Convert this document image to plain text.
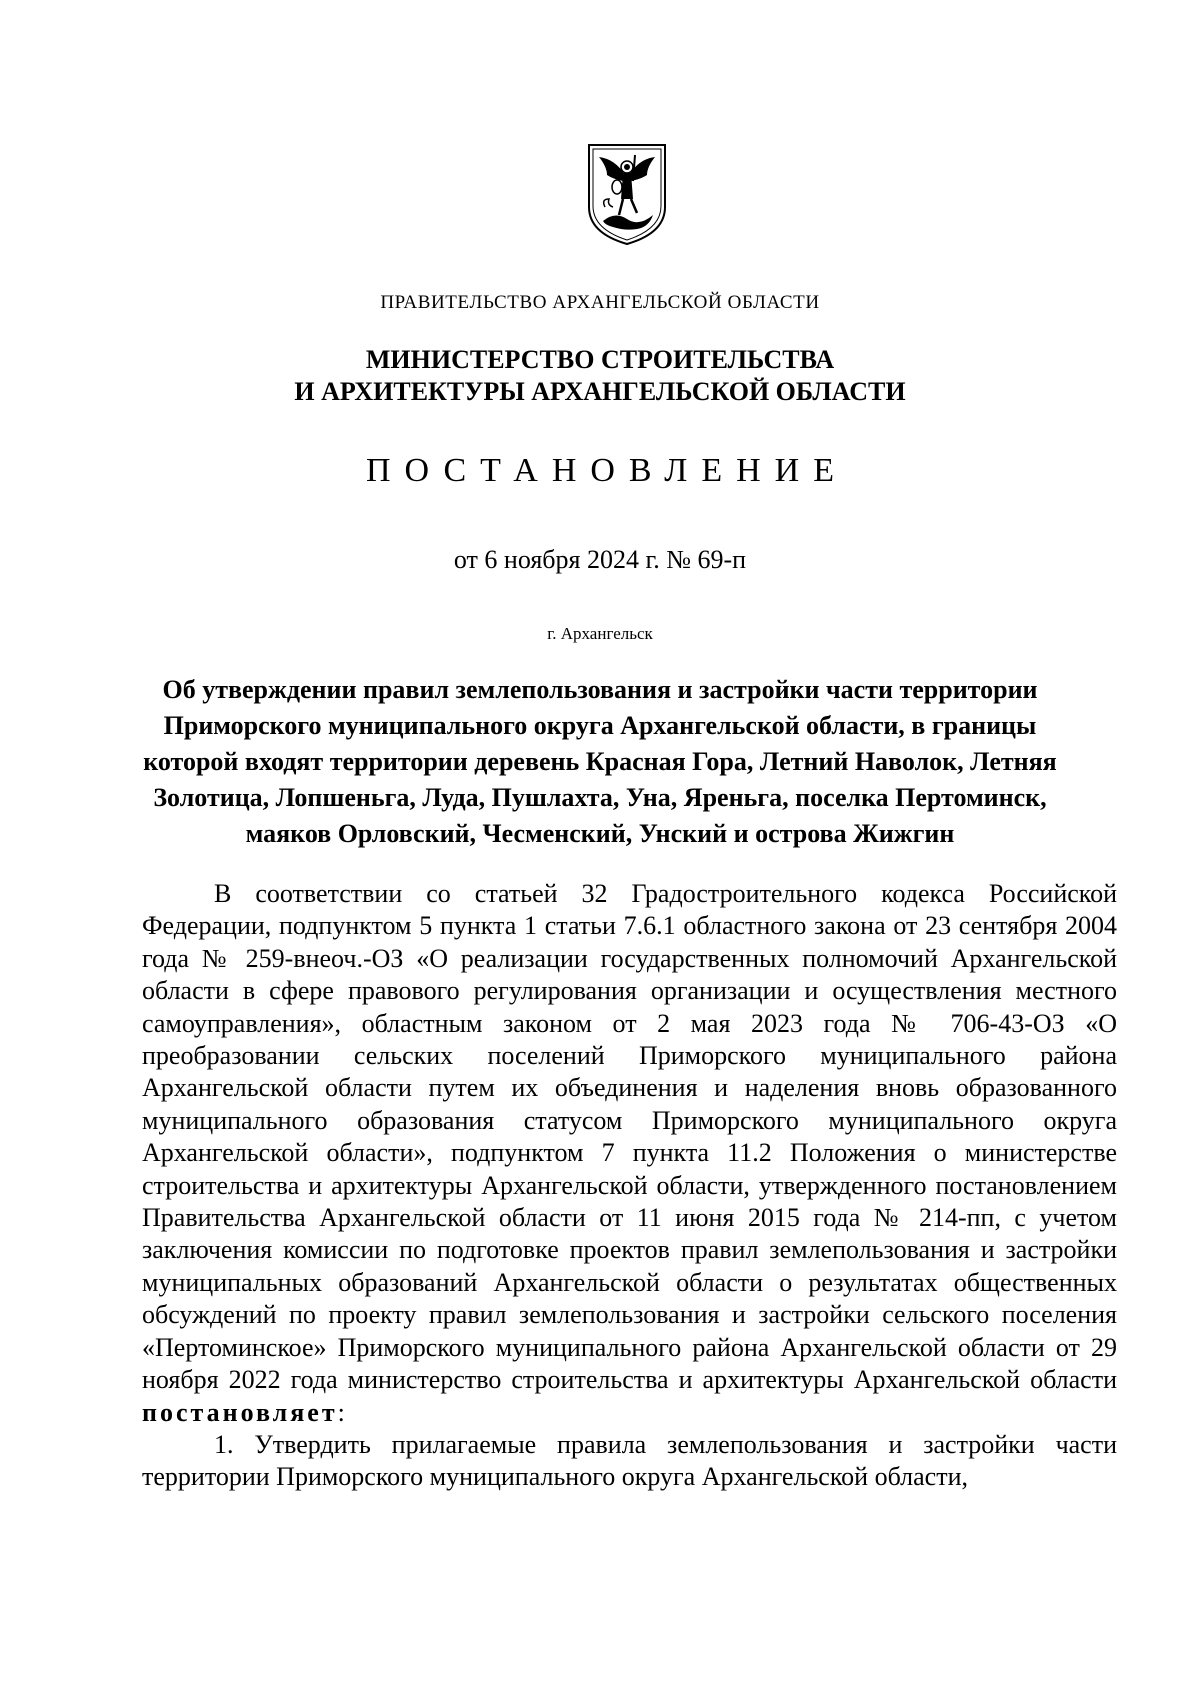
ПРАВИТЕЛЬСТВО АРХАНГЕЛЬСКОЙ ОБЛАСТИ
МИНИСТЕРСТВО СТРОИТЕЛЬСТВА
И АРХИТЕКТУРЫ АРХАНГЕЛЬСКОЙ ОБЛАСТИ
ПОСТАНОВЛЕНИЕ
от 6 ноября 2024 г. № 69-п
г. Архангельск
Об утверждении правил землепользования и застройки части территории Приморского муниципального округа Архангельской области, в границы которой входят территории деревень Красная Гора, Летний Наволок, Летняя Золотица, Лопшеньга, Луда, Пушлахта, Уна, Яреньга, поселка Пертоминск, маяков Орловский, Чесменский, Унский и острова Жижгин

В соответствии со статьей 32 Градостроительного кодекса Российской Федерации, подпунктом 5 пункта 1 статьи 7.6.1 областного закона от 23 сентября 2004 года № 259-внеоч.-ОЗ «О реализации государственных полномочий Архангельской области в сфере правового регулирования организации и осуществления местного самоуправления», областным законом от 2 мая 2023 года № 706-43-ОЗ «О преобразовании сельских поселений Приморского муниципального района Архангельской области путем их объединения и наделения вновь образованного муниципального образования статусом Приморского муниципального округа Архангельской области», подпунктом 7 пункта 11.2 Положения о министерстве строительства и архитектуры Архангельской области, утвержденного постановлением Правительства Архангельской области от 11 июня 2015 года № 214-пп, с учетом заключения комиссии по подготовке проектов правил землепользования и застройки муниципальных образований Архангельской области о результатах общественных обсуждений по проекту правил землепользования и застройки сельского поселения «Пертоминское» Приморского муниципального района Архангельской области от 29 ноября 2022 года министерство строительства и архитектуры Архангельской области постановляет:

1. Утвердить прилагаемые правила землепользования и застройки части территории Приморского муниципального округа Архангельской области,
